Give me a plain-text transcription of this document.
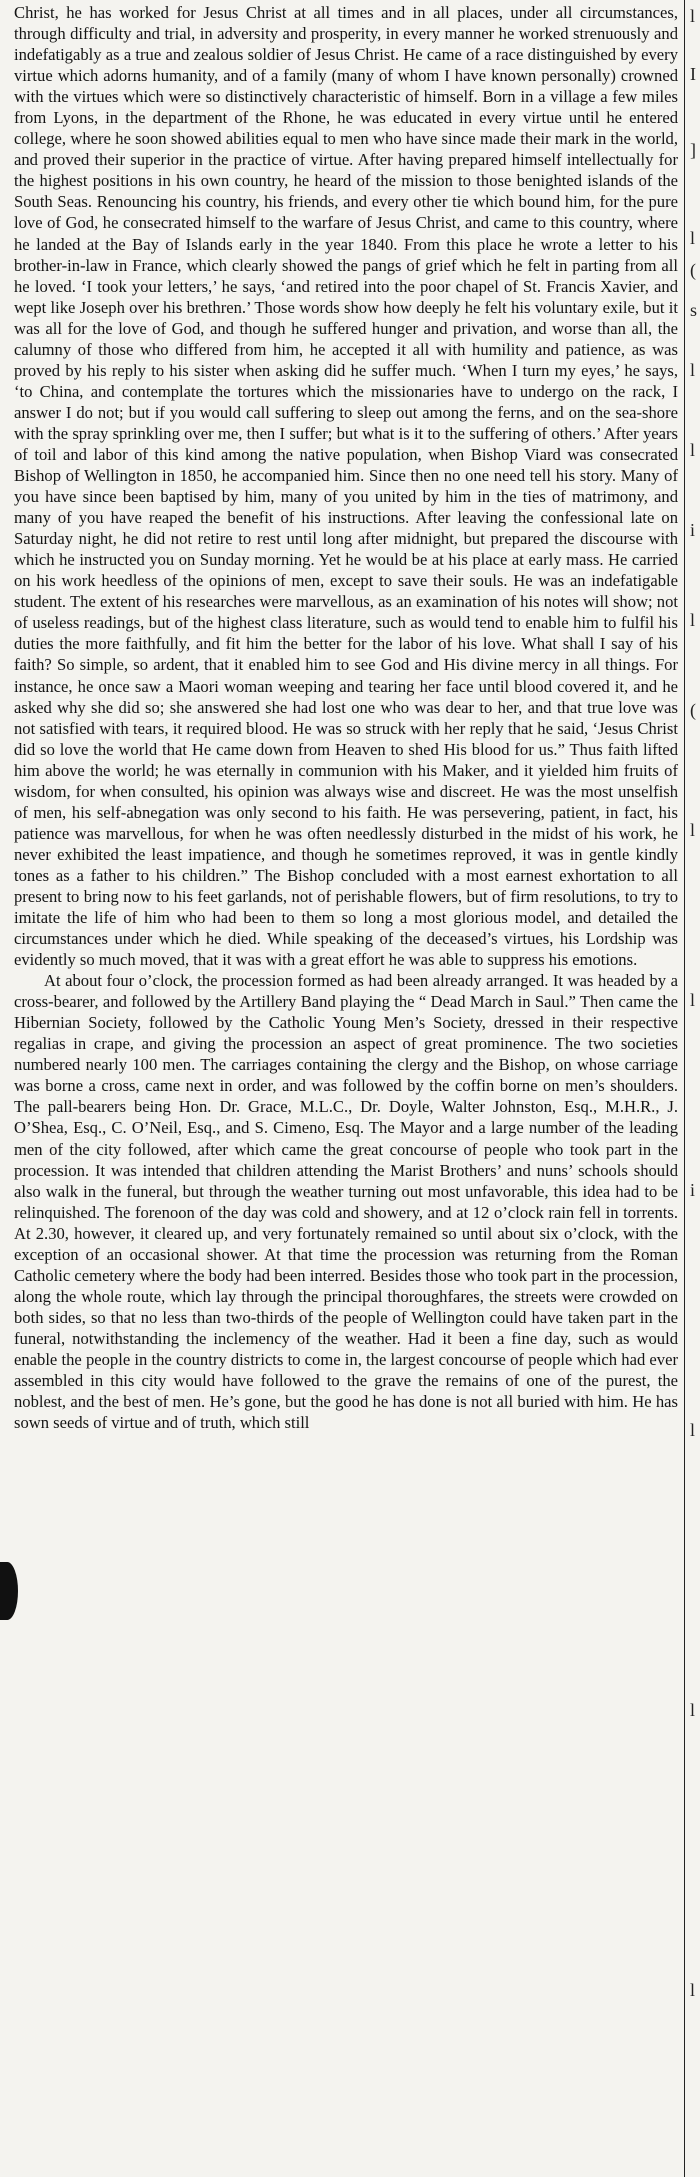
Christ, he has worked for Jesus Christ at all times and in all places, under all circumstances, through difficulty and trial, in adversity and prosperity, in every manner he worked strenuously and indefatigably as a true and zealous soldier of Jesus Christ. He came of a race distinguished by every virtue which adorns humanity, and of a family (many of whom I have known personally) crowned with the virtues which were so distinctively characteristic of himself. Born in a village a few miles from Lyons, in the department of the Rhone, he was educated in every virtue until he entered college, where he soon showed abilities equal to men who have since made their mark in the world, and proved their superior in the practice of virtue. After having prepared himself intellectually for the highest positions in his own country, he heard of the mission to those benighted islands of the South Seas. Renouncing his country, his friends, and every other tie which bound him, for the pure love of God, he consecrated himself to the warfare of Jesus Christ, and came to this country, where he landed at the Bay of Islands early in the year 1840. From this place he wrote a letter to his brother-in-law in France, which clearly showed the pangs of grief which he felt in parting from all he loved. ‘I took your letters,’ he says, ‘and retired into the poor chapel of St. Francis Xavier, and wept like Joseph over his brethren.’ Those words show how deeply he felt his voluntary exile, but it was all for the love of God, and though he suffered hunger and privation, and worse than all, the calumny of those who differed from him, he accepted it all with humility and patience, as was proved by his reply to his sister when asking did he suffer much. ‘When I turn my eyes,’ he says, ‘to China, and contemplate the tortures which the missionaries have to undergo on the rack, I answer I do not; but if you would call suffering to sleep out among the ferns, and on the sea-shore with the spray sprinkling over me, then I suffer; but what is it to the suffering of others.’ After years of toil and labor of this kind among the native population, when Bishop Viard was consecrated Bishop of Wellington in 1850, he accompanied him. Since then no one need tell his story. Many of you have since been baptised by him, many of you united by him in the ties of matrimony, and many of you have reaped the benefit of his instructions. After leaving the confessional late on Saturday night, he did not retire to rest until long after midnight, but prepared the discourse with which he instructed you on Sunday morning. Yet he would be at his place at early mass. He carried on his work heedless of the opinions of men, except to save their souls. He was an indefatigable student. The extent of his researches were marvellous, as an examination of his notes will show; not of useless readings, but of the highest class literature, such as would tend to enable him to fulfil his duties the more faithfully, and fit him the better for the labor of his love. What shall I say of his faith? So simple, so ardent, that it enabled him to see God and His divine mercy in all things. For instance, he once saw a Maori woman weeping and tearing her face until blood covered it, and he asked why she did so; she answered she had lost one who was dear to her, and that true love was not satisfied with tears, it required blood. He was so struck with her reply that he said, ‘Jesus Christ did so love the world that He came down from Heaven to shed His blood for us.” Thus faith lifted him above the world; he was eternally in communion with his Maker, and it yielded him fruits of wisdom, for when consulted, his opinion was always wise and discreet. He was the most unselfish of men, his self-abnegation was only second to his faith. He was persevering, patient, in fact, his patience was marvellous, for when he was often needlessly disturbed in the midst of his work, he never exhibited the least impatience, and though he sometimes reproved, it was in gentle kindly tones as a father to his children.” The Bishop concluded with a most earnest exhortation to all present to bring now to his feet garlands, not of perishable flowers, but of firm resolutions, to try to imitate the life of him who had been to them so long a most glorious model, and detailed the circumstances under which he died. While speaking of the deceased’s virtues, his Lordship was evidently so much moved, that it was with a great effort he was able to suppress his emotions.

At about four o’clock, the procession formed as had been already arranged. It was headed by a cross-bearer, and followed by the Artillery Band playing the “ Dead March in Saul.” Then came the Hibernian Society, followed by the Catholic Young Men’s Society, dressed in their respective regalias in crape, and giving the procession an aspect of great prominence. The two societies numbered nearly 100 men. The carriages containing the clergy and the Bishop, on whose carriage was borne a cross, came next in order, and was followed by the coffin borne on men’s shoulders. The pall-bearers being Hon. Dr. Grace, M.L.C., Dr. Doyle, Walter Johnston, Esq., M.H.R., J. O’Shea, Esq., C. O’Neil, Esq., and S. Cimeno, Esq. The Mayor and a large number of the leading men of the city followed, after which came the great concourse of people who took part in the procession. It was intended that children attending the Marist Brothers’ and nuns’ schools should also walk in the funeral, but through the weather turning out most unfavorable, this idea had to be relinquished. The forenoon of the day was cold and showery, and at 12 o’clock rain fell in torrents. At 2.30, however, it cleared up, and very fortunately remained so until about six o’clock, with the exception of an occasional shower. At that time the procession was returning from the Roman Catholic cemetery where the body had been interred. Besides those who took part in the procession, along the whole route, which lay through the principal thoroughfares, the streets were crowded on both sides, so that no less than two-thirds of the people of Wellington could have taken part in the funeral, notwithstanding the inclemency of the weather. Had it been a fine day, such as would enable the people in the country districts to come in, the largest concourse of people which had ever assembled in this city would have followed to the grave the remains of one of the purest, the noblest, and the best of men. He’s gone, but the good he has done is not all buried with him. He has sown seeds of virtue and of truth, which still

l
I
]
l
(
s
l
l
i
l
(
l
l
i
l
l
l
